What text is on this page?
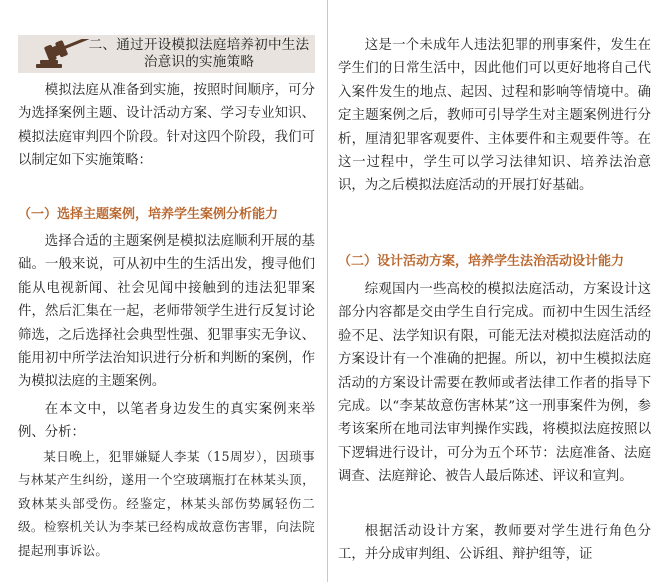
二、通过开设模拟法庭培养初中生法治意识的实施策略

模拟法庭从准备到实施，按照时间顺序，可分为选择案例主题、设计活动方案、学习专业知识、模拟法庭审判四个阶段。针对这四个阶段，我们可以制定如下实施策略：

（一）选择主题案例，培养学生案例分析能力

选择合适的主题案例是模拟法庭顺利开展的基础。一般来说，可从初中生的生活出发，搜寻他们能从电视新闻、社会见闻中接触到的违法犯罪案件，然后汇集在一起，老师带领学生进行反复讨论筛选，之后选择社会典型性强、犯罪事实无争议、能用初中所学法治知识进行分析和判断的案例，作为模拟法庭的主题案例。

在本文中，以笔者身边发生的真实案例来举例、分析：

某日晚上，犯罪嫌疑人李某（15周岁），因琐事与林某产生纠纷，遂用一个空玻璃瓶打在林某头顶，致林某头部受伤。经鉴定，林某头部伤势属轻伤二级。检察机关认为李某已经构成故意伤害罪，向法院提起刑事诉讼。

这是一个未成年人违法犯罪的刑事案件，发生在学生们的日常生活中，因此他们可以更好地将自己代入案件发生的地点、起因、过程和影响等情境中。确定主题案例之后，教师可引导学生对主题案例进行分析，厘清犯罪客观要件、主体要件和主观要件等。在这一过程中，学生可以学习法律知识、培养法治意识，为之后模拟法庭活动的开展打好基础。

（二）设计活动方案，培养学生法治活动设计能力

综观国内一些高校的模拟法庭活动，方案设计这部分内容都是交由学生自行完成。而初中生因生活经验不足、法学知识有限，可能无法对模拟法庭活动的方案设计有一个准确的把握。所以，初中生模拟法庭活动的方案设计需要在教师或者法律工作者的指导下完成。以“李某故意伤害林某”这一刑事案件为例，参考该案所在地司法审判操作实践，将模拟法庭按照以下逻辑进行设计，可分为五个环节：法庭准备、法庭调查、法庭辩论、被告人最后陈述、评议和宣判。

根据活动设计方案，教师要对学生进行角色分工，并分成审判组、公诉组、辩护组等，证
